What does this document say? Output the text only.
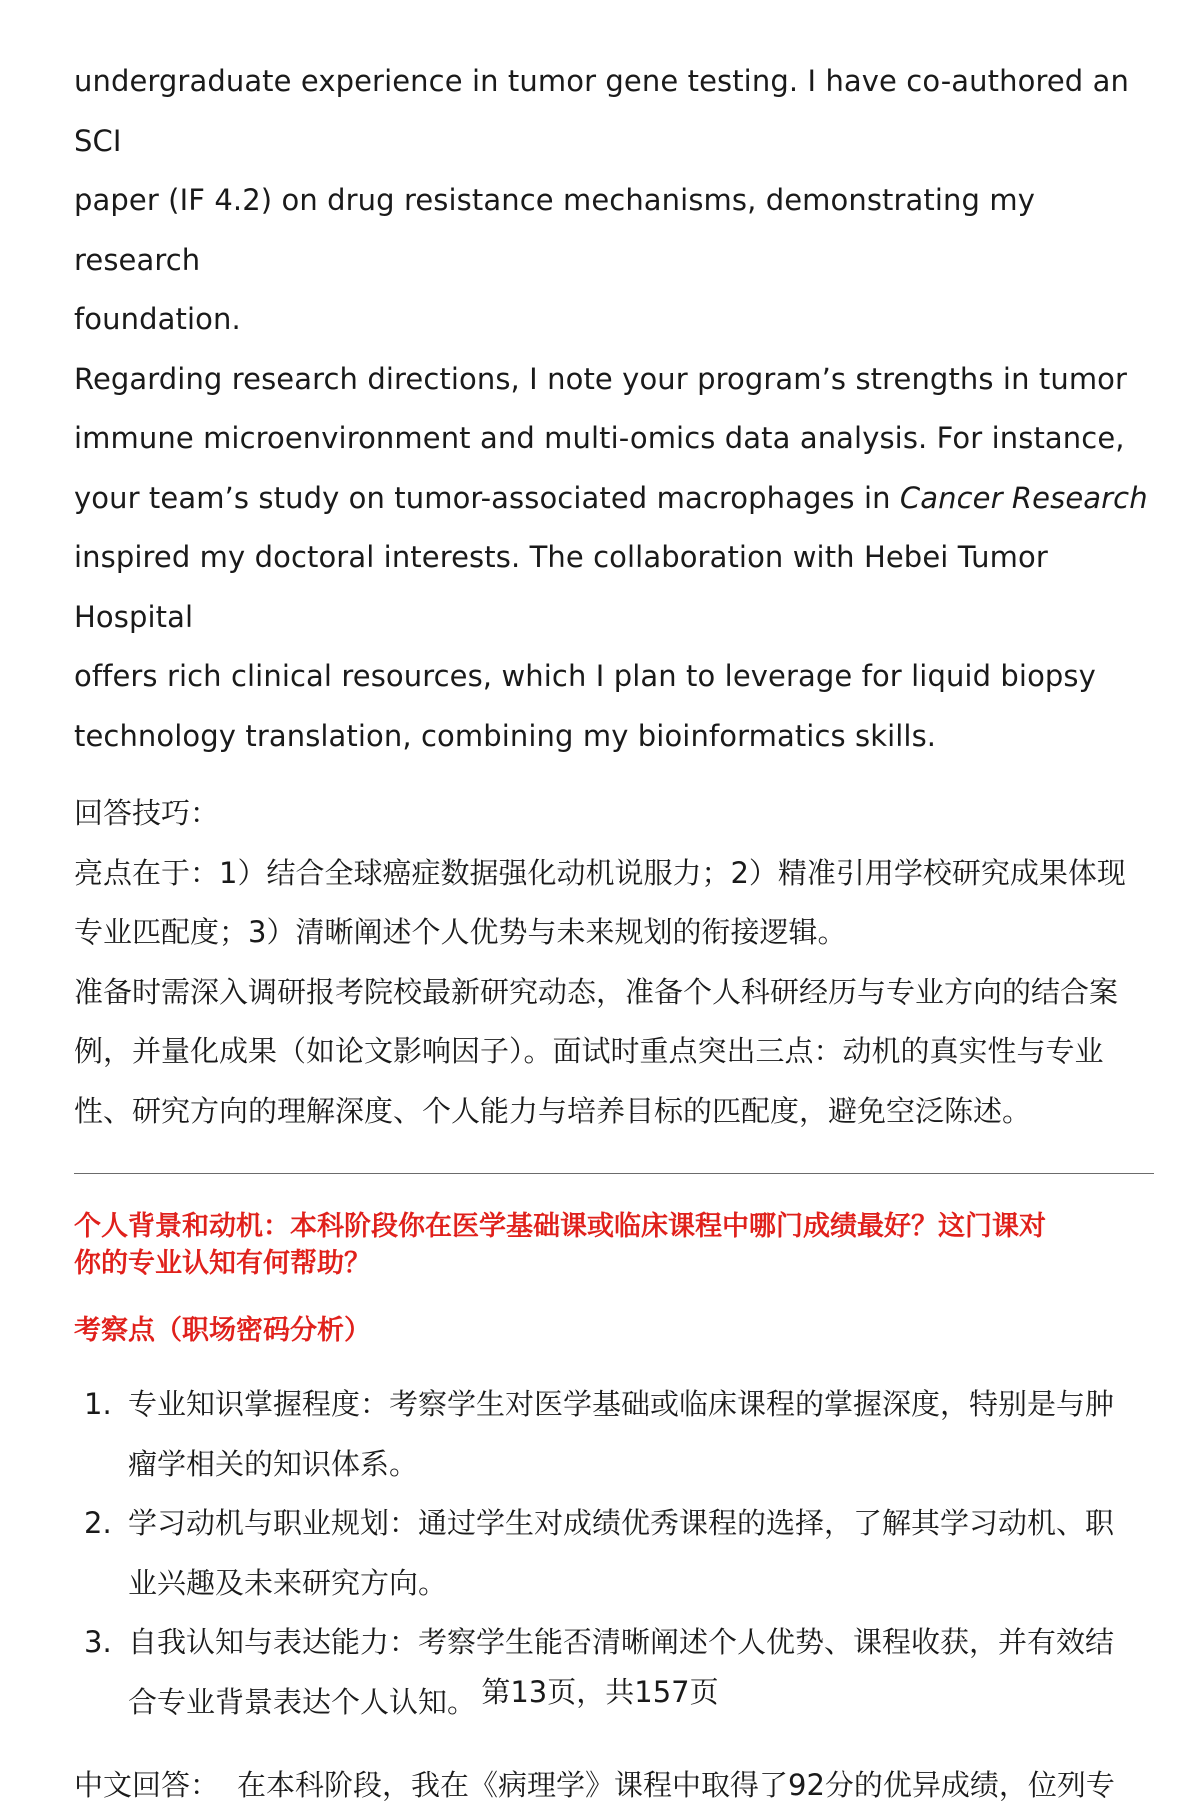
undergraduate experience in tumor gene testing. I have co-authored an SCI

paper (IF 4.2) on drug resistance mechanisms, demonstrating my research

foundation.

Regarding research directions, I note your program’s strengths in tumor

immune microenvironment and multi-omics data analysis. For instance,

your team’s study on tumor-associated macrophages in Cancer Research

inspired my doctoral interests. The collaboration with Hebei Tumor Hospital

offers rich clinical resources, which I plan to leverage for liquid biopsy

technology translation, combining my bioinformatics skills.

回答技巧：

亮点在于：1）结合全球癌症数据强化动机说服力；2）精准引用学校研究成果体现

专业匹配度；3）清晰阐述个人优势与未来规划的衔接逻辑。

准备时需深入调研报考院校最新研究动态，准备个人科研经历与专业方向的结合案

例，并量化成果（如论文影响因子）。面试时重点突出三点：动机的真实性与专业

性、研究方向的理解深度、个人能力与培养目标的匹配度，避免空泛陈述。

个人背景和动机：本科阶段你在医学基础课或临床课程中哪门成绩最好？这门课对
你的专业认知有何帮助？
考察点（职场密码分析）
1. 专业知识掌握程度：考察学生对医学基础或临床课程的掌握深度，特别是与肿
瘤学相关的知识体系。
2. 学习动机与职业规划：通过学生对成绩优秀课程的选择，了解其学习动机、职
业兴趣及未来研究方向。
3. 自我认知与表达能力：考察学生能否清晰阐述个人优势、课程收获，并有效结
合专业背景表达个人认知。
中文回答： 在本科阶段，我在《病理学》课程中取得了92分的优异成绩，位列专
第13页，共157页
